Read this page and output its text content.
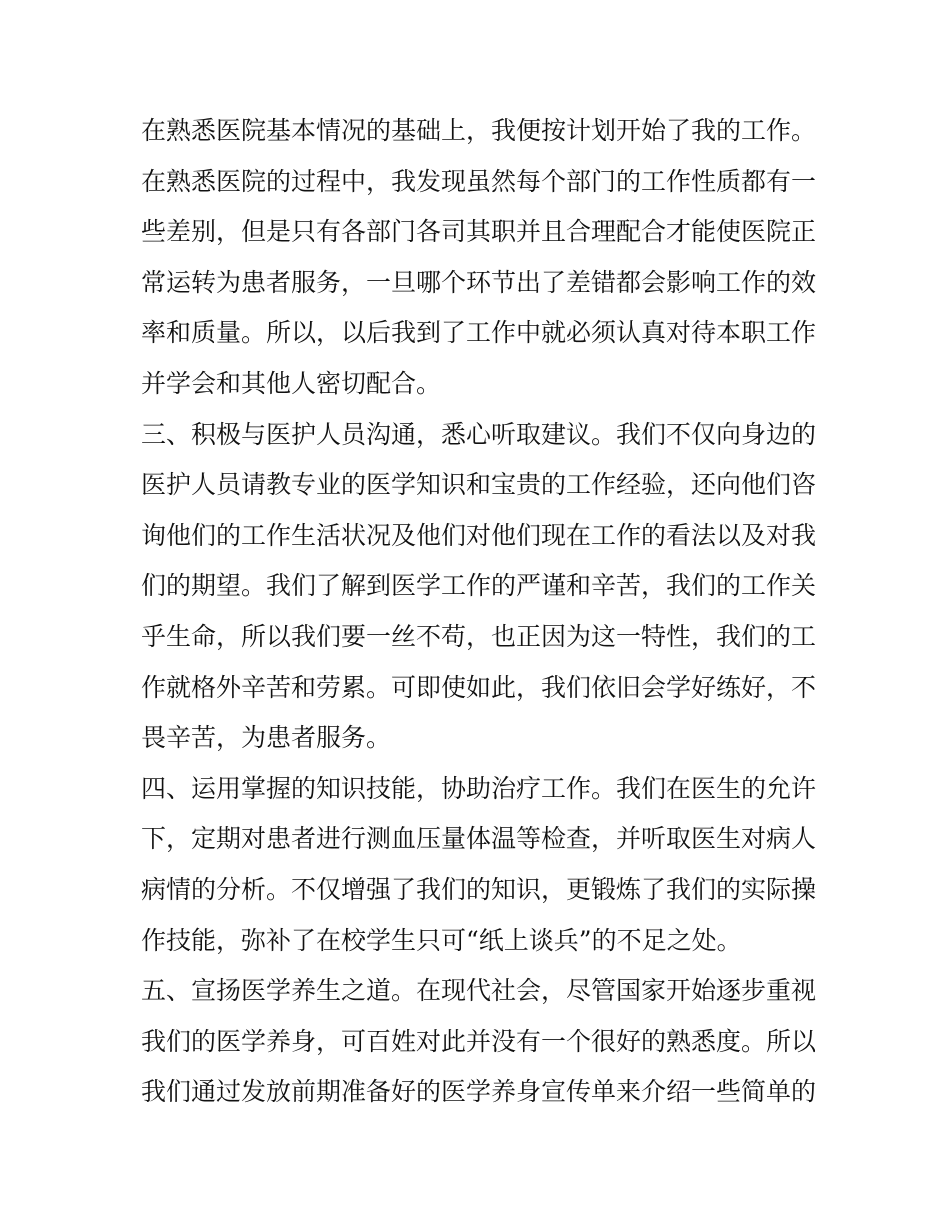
在熟悉医院基本情况的基础上，我便按计划开始了我的工作。
在熟悉医院的过程中，我发现虽然每个部门的工作性质都有一
些差别，但是只有各部门各司其职并且合理配合才能使医院正
常运转为患者服务，一旦哪个环节出了差错都会影响工作的效
率和质量。所以，以后我到了工作中就必须认真对待本职工作
并学会和其他人密切配合。
三、积极与医护人员沟通，悉心听取建议。我们不仅向身边的
医护人员请教专业的医学知识和宝贵的工作经验，还向他们咨
询他们的工作生活状况及他们对他们现在工作的看法以及对我
们的期望。我们了解到医学工作的严谨和辛苦，我们的工作关
乎生命，所以我们要一丝不苟，也正因为这一特性，我们的工
作就格外辛苦和劳累。可即使如此，我们依旧会学好练好，不
畏辛苦，为患者服务。
四、运用掌握的知识技能，协助治疗工作。我们在医生的允许
下，定期对患者进行测血压量体温等检查，并听取医生对病人
病情的分析。不仅增强了我们的知识，更锻炼了我们的实际操
作技能，弥补了在校学生只可“纸上谈兵”的不足之处。
五、宣扬医学养生之道。在现代社会，尽管国家开始逐步重视
我们的医学养身，可百姓对此并没有一个很好的熟悉度。所以
我们通过发放前期准备好的医学养身宣传单来介绍一些简单的
